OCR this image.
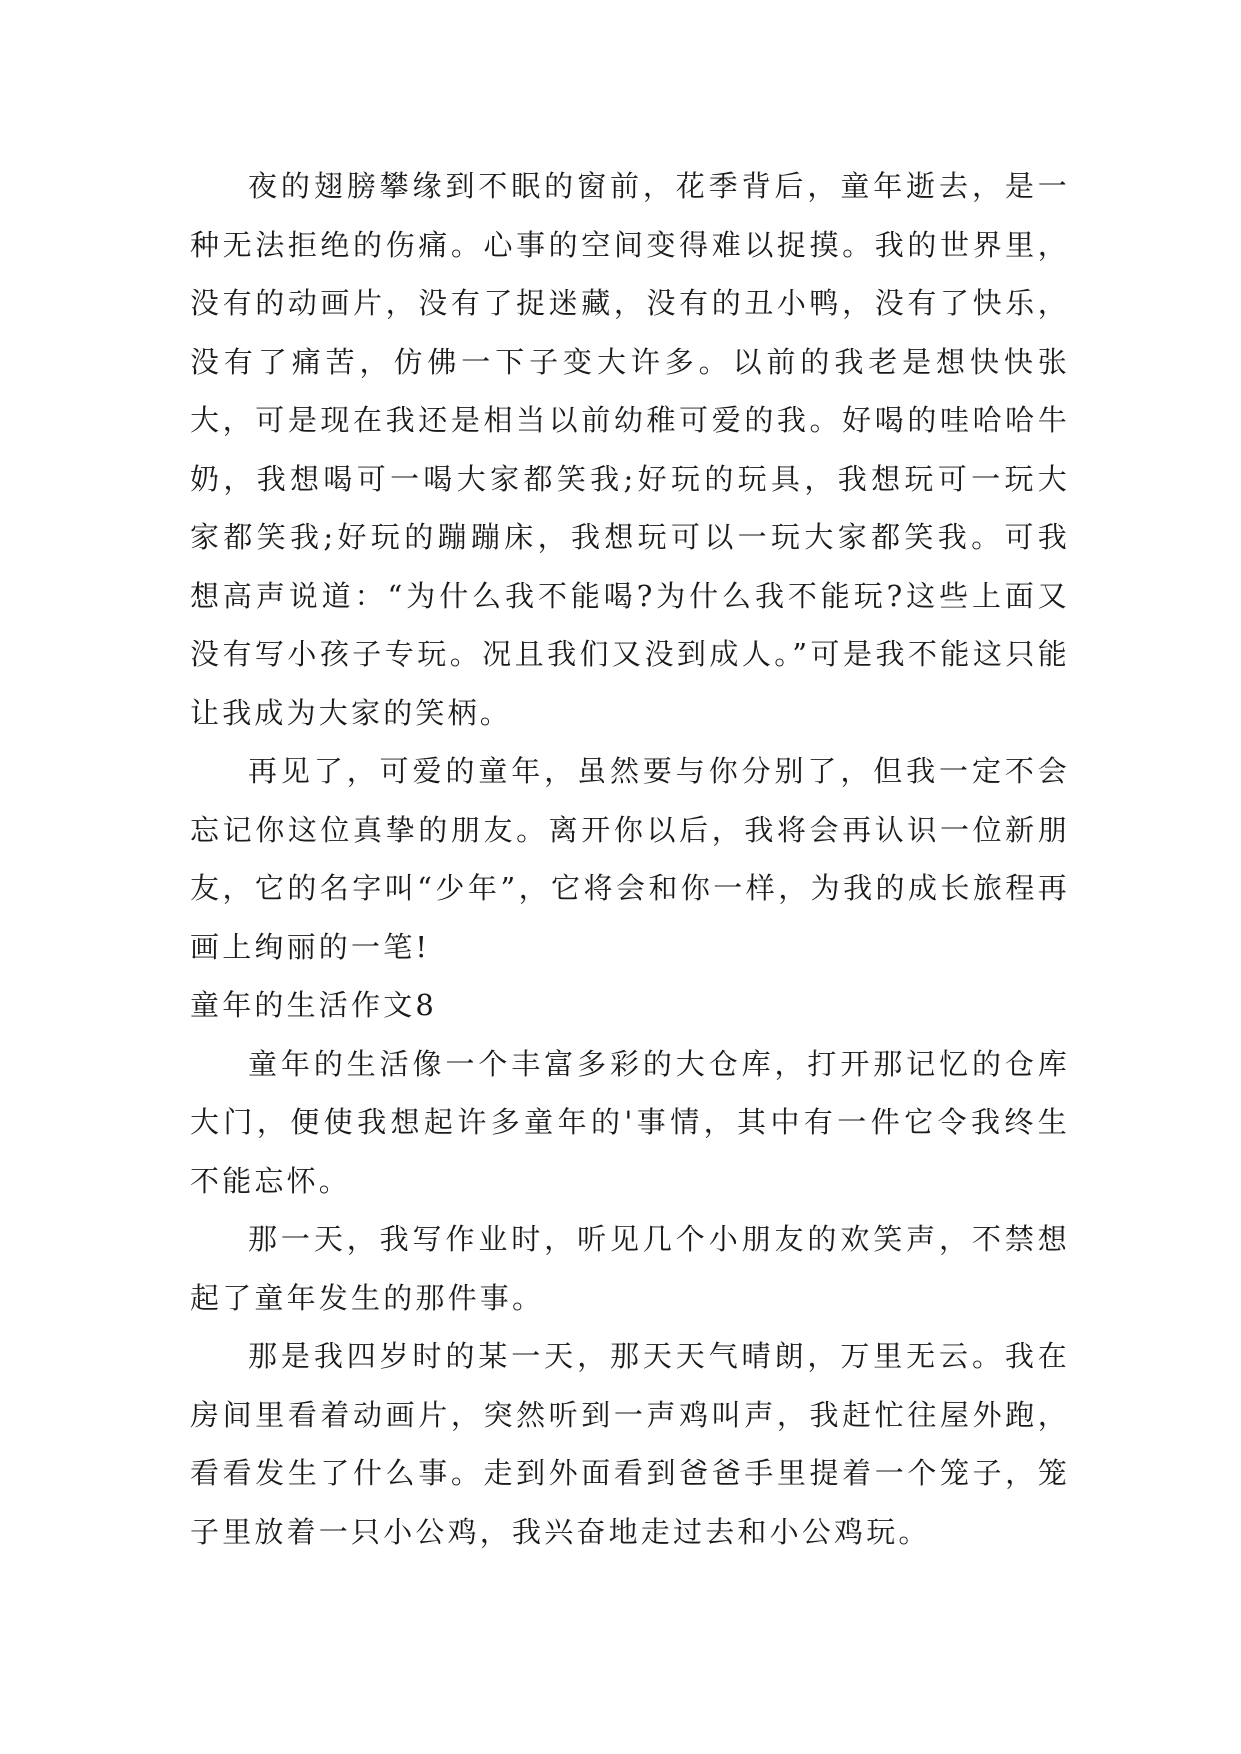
夜的翅膀攀缘到不眠的窗前，花季背后，童年逝去，是一种无法拒绝的伤痛。心事的空间变得难以捉摸。我的世界里，没有的动画片，没有了捉迷藏，没有的丑小鸭，没有了快乐，没有了痛苦，仿佛一下子变大许多。以前的我老是想快快张大，可是现在我还是相当以前幼稚可爱的我。好喝的哇哈哈牛奶，我想喝可一喝大家都笑我;好玩的玩具，我想玩可一玩大家都笑我;好玩的蹦蹦床，我想玩可以一玩大家都笑我。可我想高声说道：“为什么我不能喝?为什么我不能玩?这些上面又没有写小孩子专玩。况且我们又没到成人。”可是我不能这只能让我成为大家的笑柄。

再见了，可爱的童年，虽然要与你分别了，但我一定不会忘记你这位真挚的朋友。离开你以后，我将会再认识一位新朋友，它的名字叫“少年”，它将会和你一样，为我的成长旅程再画上绚丽的一笔!

童年的生活作文8

童年的生活像一个丰富多彩的大仓库，打开那记忆的仓库大门，便使我想起许多童年的'事情，其中有一件它令我终生不能忘怀。

那一天，我写作业时，听见几个小朋友的欢笑声，不禁想起了童年发生的那件事。

那是我四岁时的某一天，那天天气晴朗，万里无云。我在房间里看着动画片，突然听到一声鸡叫声，我赶忙往屋外跑，看看发生了什么事。走到外面看到爸爸手里提着一个笼子，笼子里放着一只小公鸡，我兴奋地走过去和小公鸡玩。
